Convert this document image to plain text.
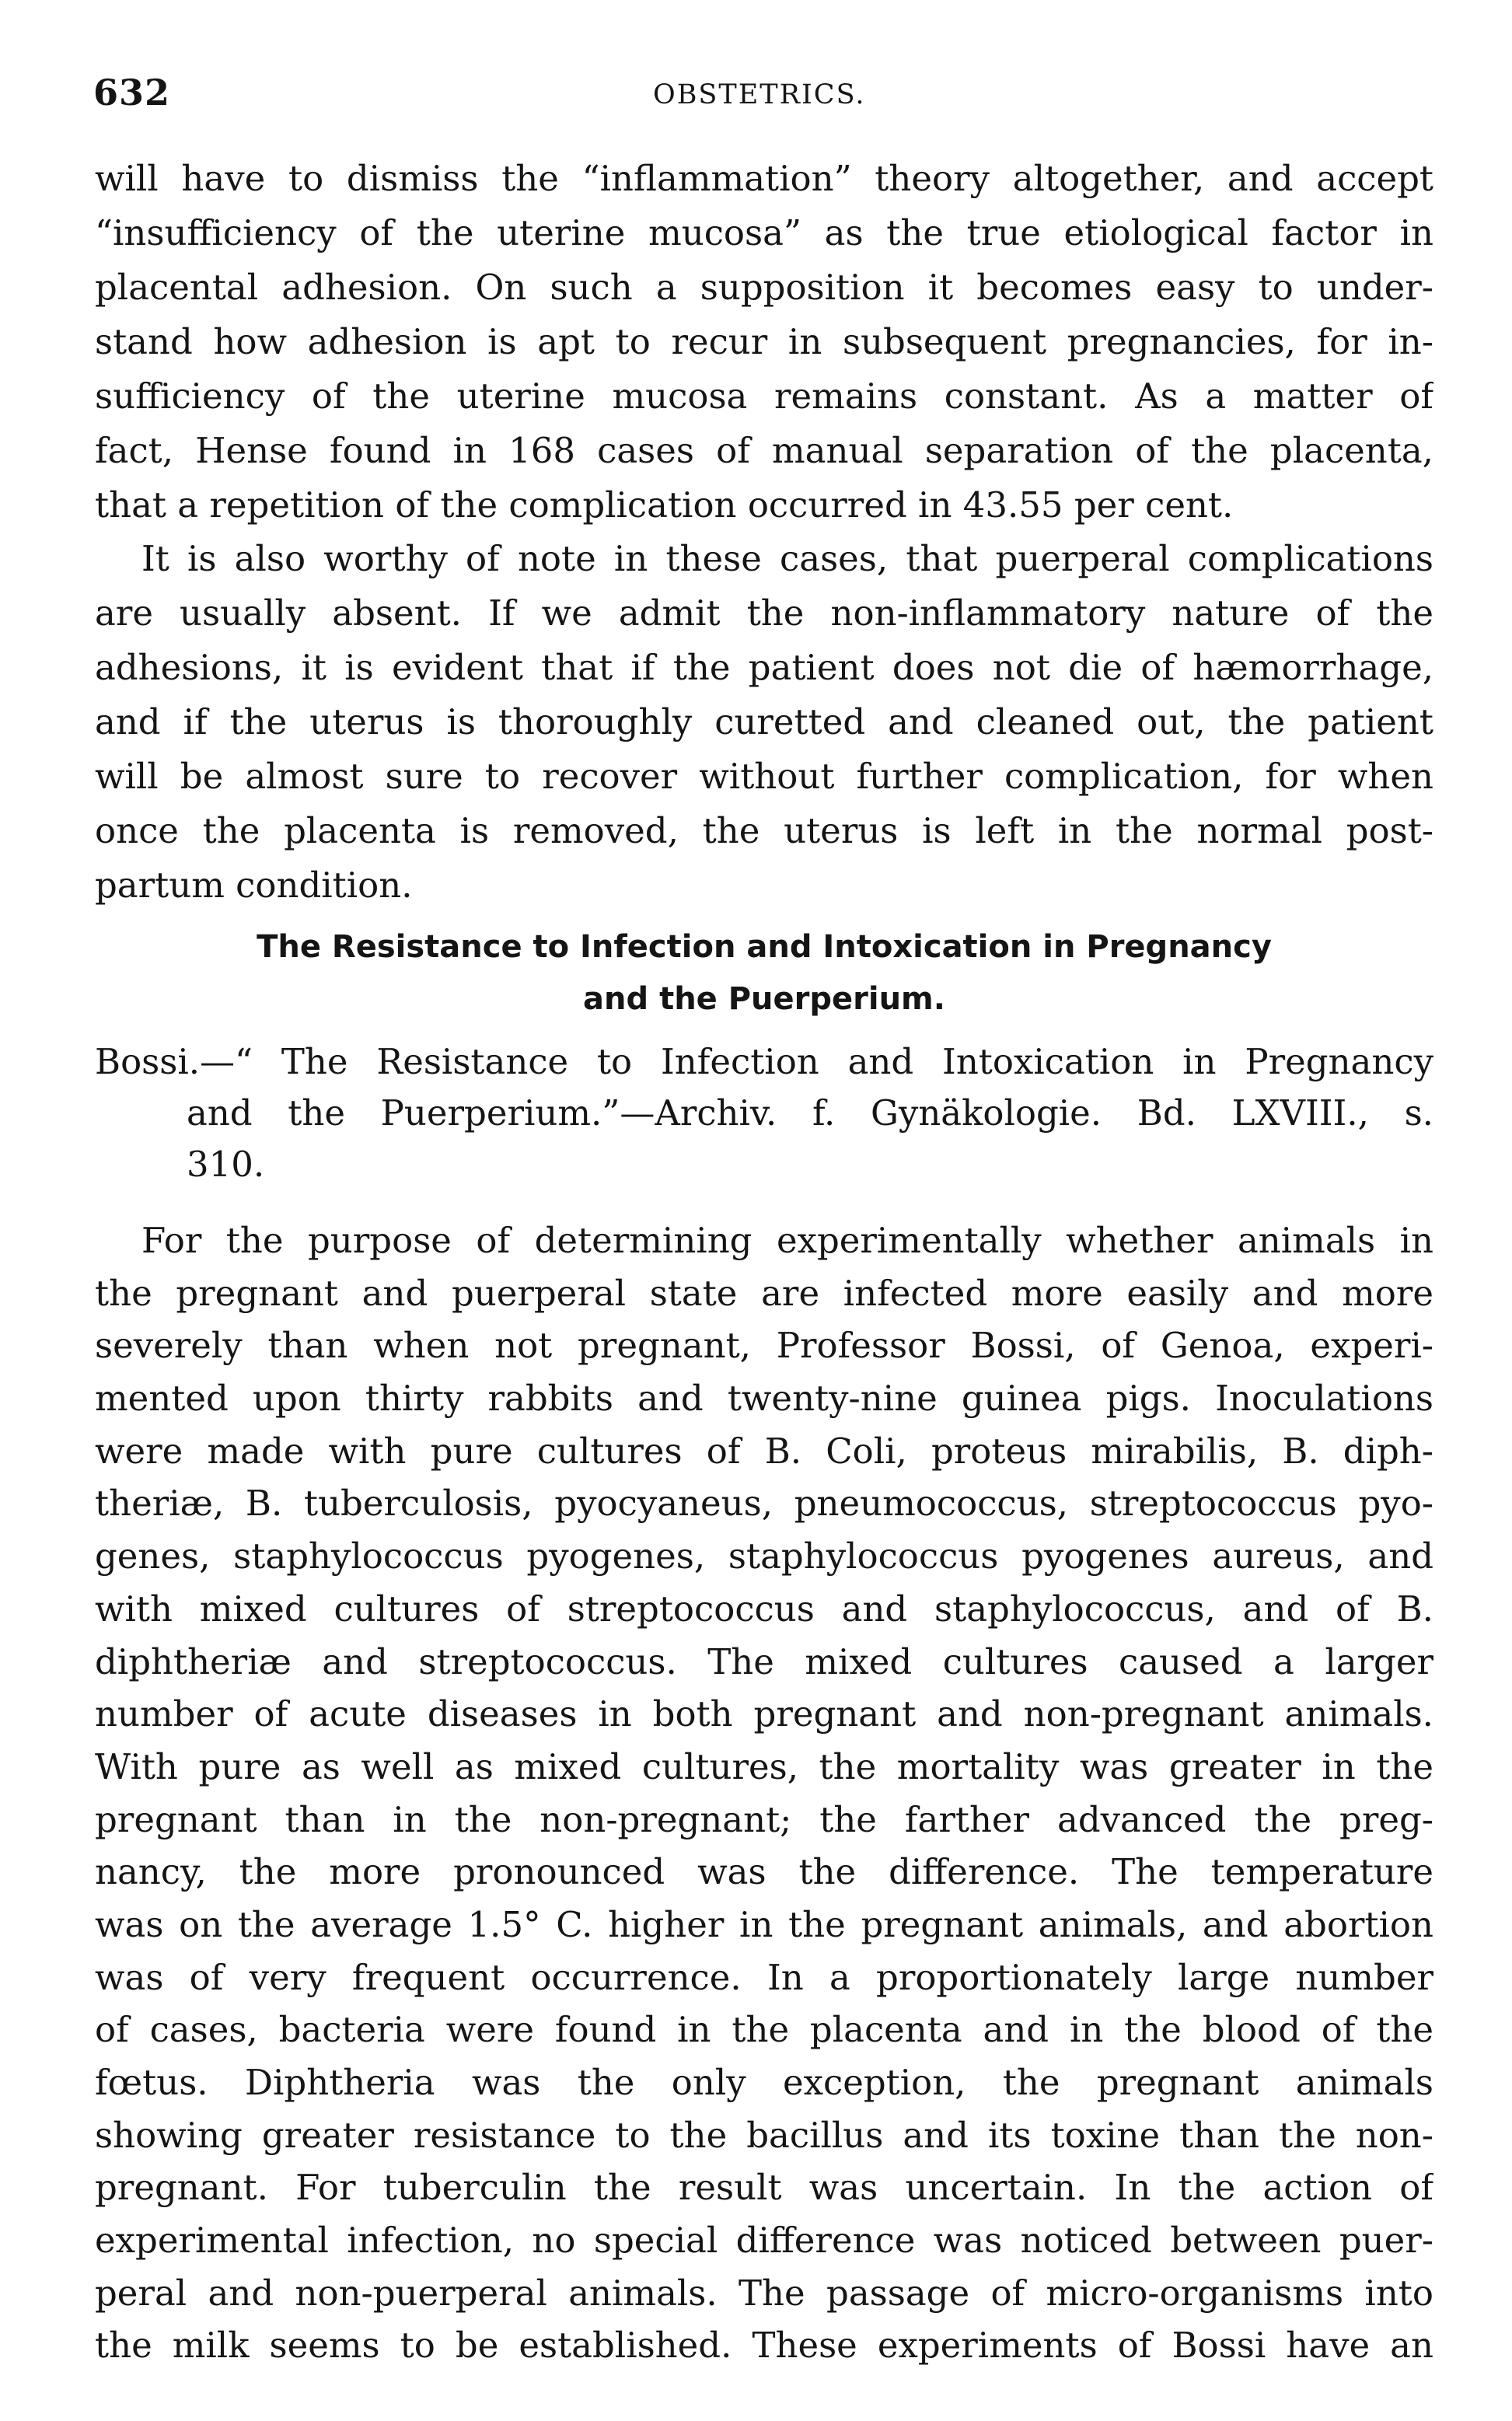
632	OBSTETRICS.
will have to dismiss the “inflammation” theory altogether, and accept
“insufficiency of the uterine mucosa” as the true etiological factor in
placental adhesion. On such a supposition it becomes easy to under-
stand how adhesion is apt to recur in subsequent pregnancies, for in-
sufficiency of the uterine mucosa remains constant. As a matter of
fact, Hense found in 168 cases of manual separation of the placenta,
that a repetition of the complication occurred in 43.55 per cent.
It is also worthy of note in these cases, that puerperal complications
are usually absent. If we admit the non-inflammatory nature of the
adhesions, it is evident that if the patient does not die of hæmorrhage,
and if the uterus is thoroughly curetted and cleaned out, the patient
will be almost sure to recover without further complication, for when
once the placenta is removed, the uterus is left in the normal post-
partum condition.
The Resistance to Infection and Intoxication in Pregnancy
and the Puerperium.
Bossi.—“ The Resistance to Infection and Intoxication in Pregnancy
and the Puerperium.”—Archiv. f. Gynäkologie. Bd. LXVIII., s.
310.
For the purpose of determining experimentally whether animals in
the pregnant and puerperal state are infected more easily and more
severely than when not pregnant, Professor Bossi, of Genoa, experi-
mented upon thirty rabbits and twenty-nine guinea pigs. Inoculations
were made with pure cultures of B. Coli, proteus mirabilis, B. diph-
theriæ, B. tuberculosis, pyocyaneus, pneumococcus, streptococcus pyo-
genes, staphylococcus pyogenes, staphylococcus pyogenes aureus, and
with mixed cultures of streptococcus and staphylococcus, and of B.
diphtheriæ and streptococcus. The mixed cultures caused a larger
number of acute diseases in both pregnant and non-pregnant animals.
With pure as well as mixed cultures, the mortality was greater in the
pregnant than in the non-pregnant; the farther advanced the preg-
nancy, the more pronounced was the difference. The temperature
was on the average 1.5° C. higher in the pregnant animals, and abortion
was of very frequent occurrence. In a proportionately large number
of cases, bacteria were found in the placenta and in the blood of the
fœtus. Diphtheria was the only exception, the pregnant animals
showing greater resistance to the bacillus and its toxine than the non-
pregnant. For tuberculin the result was uncertain. In the action of
experimental infection, no special difference was noticed between puer-
peral and non-puerperal animals. The passage of micro-organisms into
the milk seems to be established. These experiments of Bossi have an
